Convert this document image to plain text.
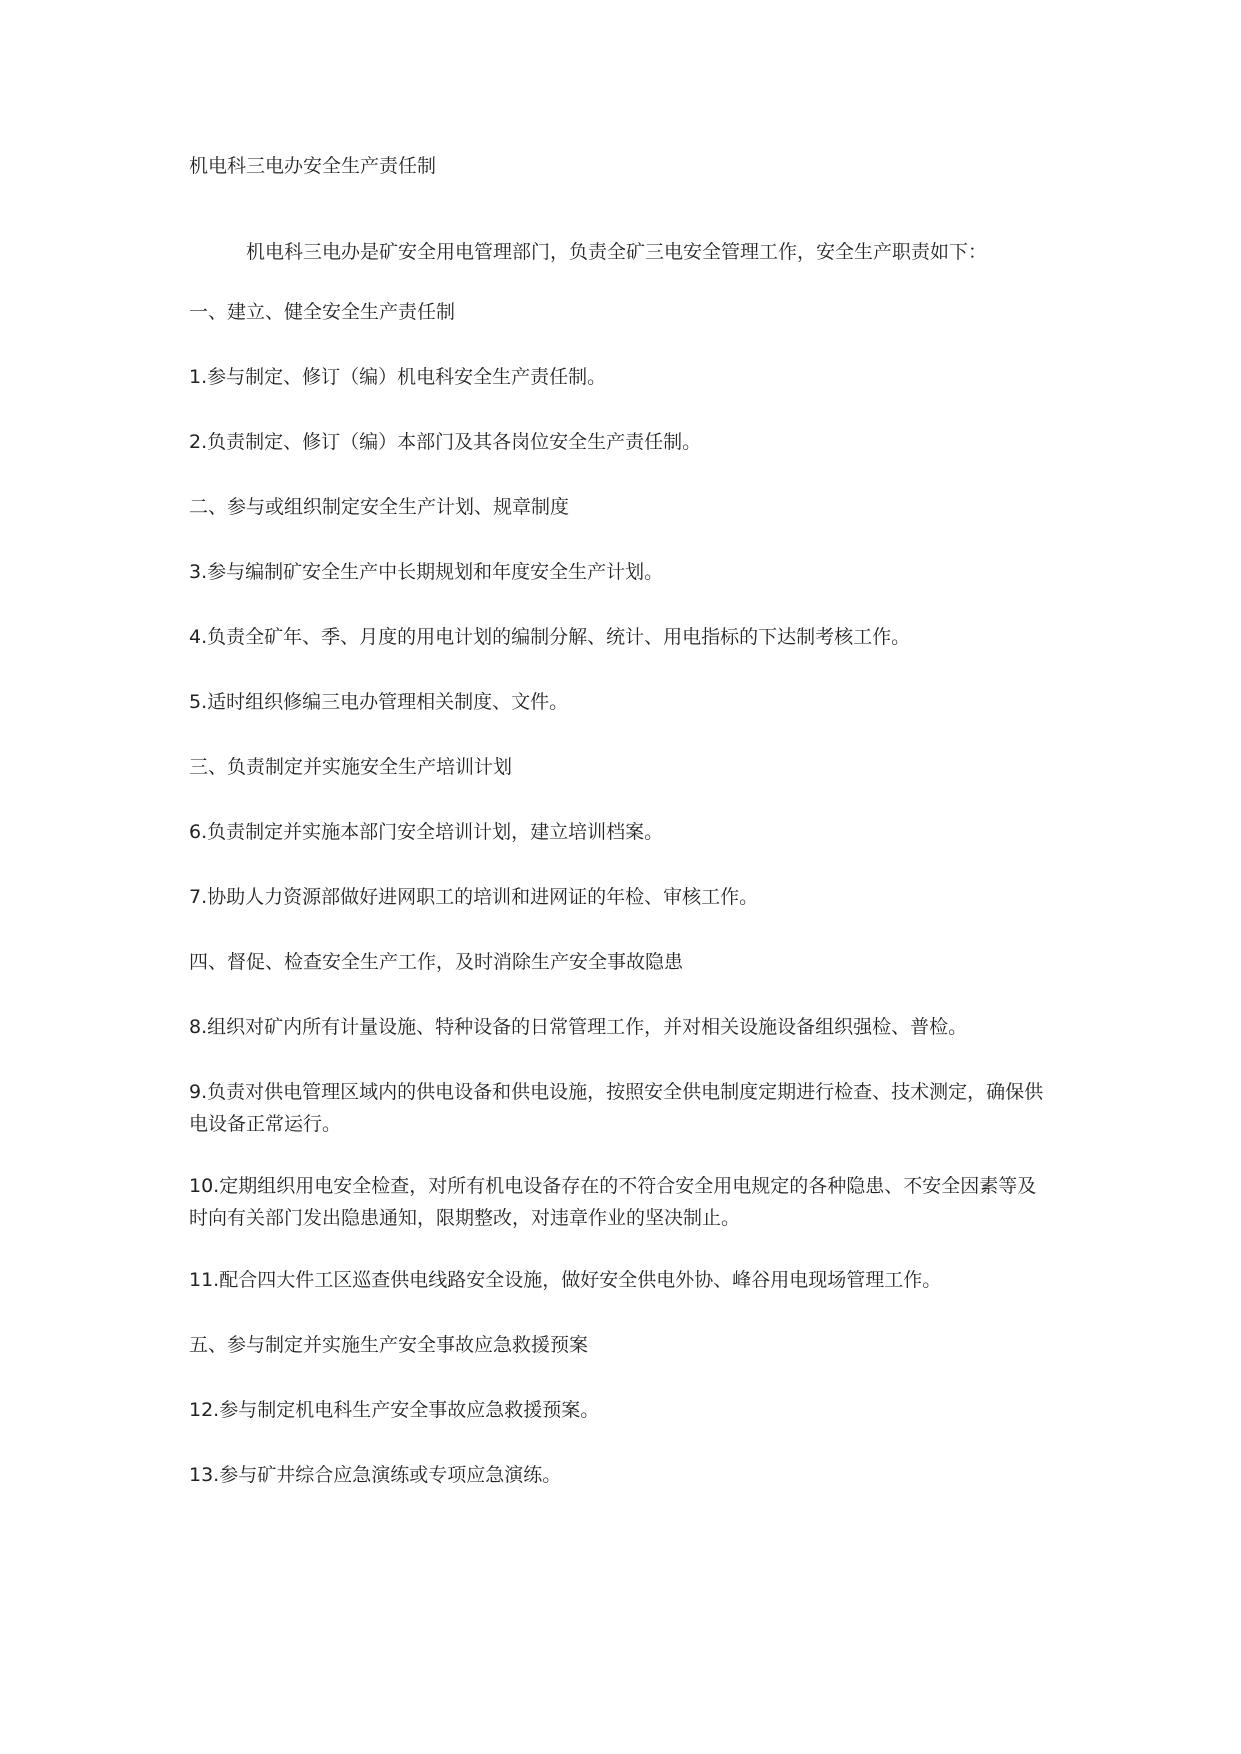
机电科三电办安全生产责任制

机电科三电办是矿安全用电管理部门，负责全矿三电安全管理工作，安全生产职责如下：

一、建立、健全安全生产责任制

1.参与制定、修订（编）机电科安全生产责任制。

2.负责制定、修订（编）本部门及其各岗位安全生产责任制。

二、参与或组织制定安全生产计划、规章制度

3.参与编制矿安全生产中长期规划和年度安全生产计划。

4.负责全矿年、季、月度的用电计划的编制分解、统计、用电指标的下达制考核工作。

5.适时组织修编三电办管理相关制度、文件。

三、负责制定并实施安全生产培训计划

6.负责制定并实施本部门安全培训计划，建立培训档案。

7.协助人力资源部做好进网职工的培训和进网证的年检、审核工作。

四、督促、检查安全生产工作，及时消除生产安全事故隐患

8.组织对矿内所有计量设施、特种设备的日常管理工作，并对相关设施设备组织强检、普检。

9.负责对供电管理区域内的供电设备和供电设施，按照安全供电制度定期进行检查、技术测定，确保供电设备正常运行。

10.定期组织用电安全检查，对所有机电设备存在的不符合安全用电规定的各种隐患、不安全因素等及时向有关部门发出隐患通知，限期整改，对违章作业的坚决制止。

11.配合四大件工区巡查供电线路安全设施，做好安全供电外协、峰谷用电现场管理工作。

五、参与制定并实施生产安全事故应急救援预案

12.参与制定机电科生产安全事故应急救援预案。

13.参与矿井综合应急演练或专项应急演练。
